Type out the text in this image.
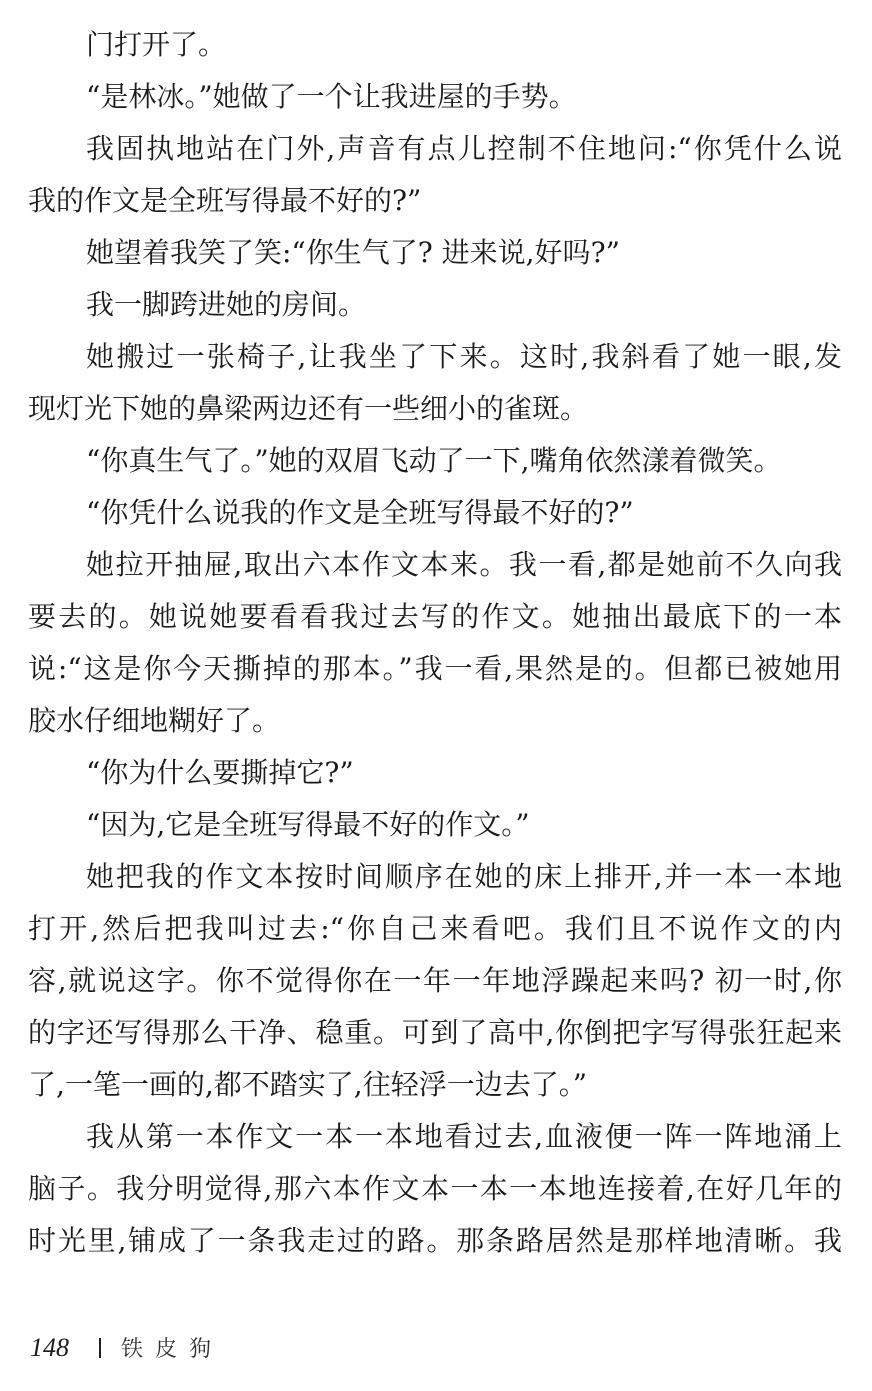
门打开了。
“是林冰。”她做了一个让我进屋的手势。
我固执地站在门外,声音有点儿控制不住地问:“你凭什么说
我的作文是全班写得最不好的?”
她望着我笑了笑:“你生气了? 进来说,好吗?”
我一脚跨进她的房间。
她搬过一张椅子,让我坐了下来。这时,我斜看了她一眼,发
现灯光下她的鼻梁两边还有一些细小的雀斑。
“你真生气了。”她的双眉飞动了一下,嘴角依然漾着微笑。
“你凭什么说我的作文是全班写得最不好的?”
她拉开抽屉,取出六本作文本来。我一看,都是她前不久向我
要去的。她说她要看看我过去写的作文。她抽出最底下的一本
说:“这是你今天撕掉的那本。”我一看,果然是的。但都已被她用
胶水仔细地糊好了。
“你为什么要撕掉它?”
“因为,它是全班写得最不好的作文。”
她把我的作文本按时间顺序在她的床上排开,并一本一本地
打开,然后把我叫过去:“你自己来看吧。我们且不说作文的内
容,就说这字。你不觉得你在一年一年地浮躁起来吗? 初一时,你
的字还写得那么干净、稳重。可到了高中,你倒把字写得张狂起来
了,一笔一画的,都不踏实了,往轻浮一边去了。”
我从第一本作文一本一本地看过去,血液便一阵一阵地涌上
脑子。我分明觉得,那六本作文本一本一本地连接着,在好几年的
时光里,铺成了一条我走过的路。那条路居然是那样地清晰。我
148 铁皮狗
